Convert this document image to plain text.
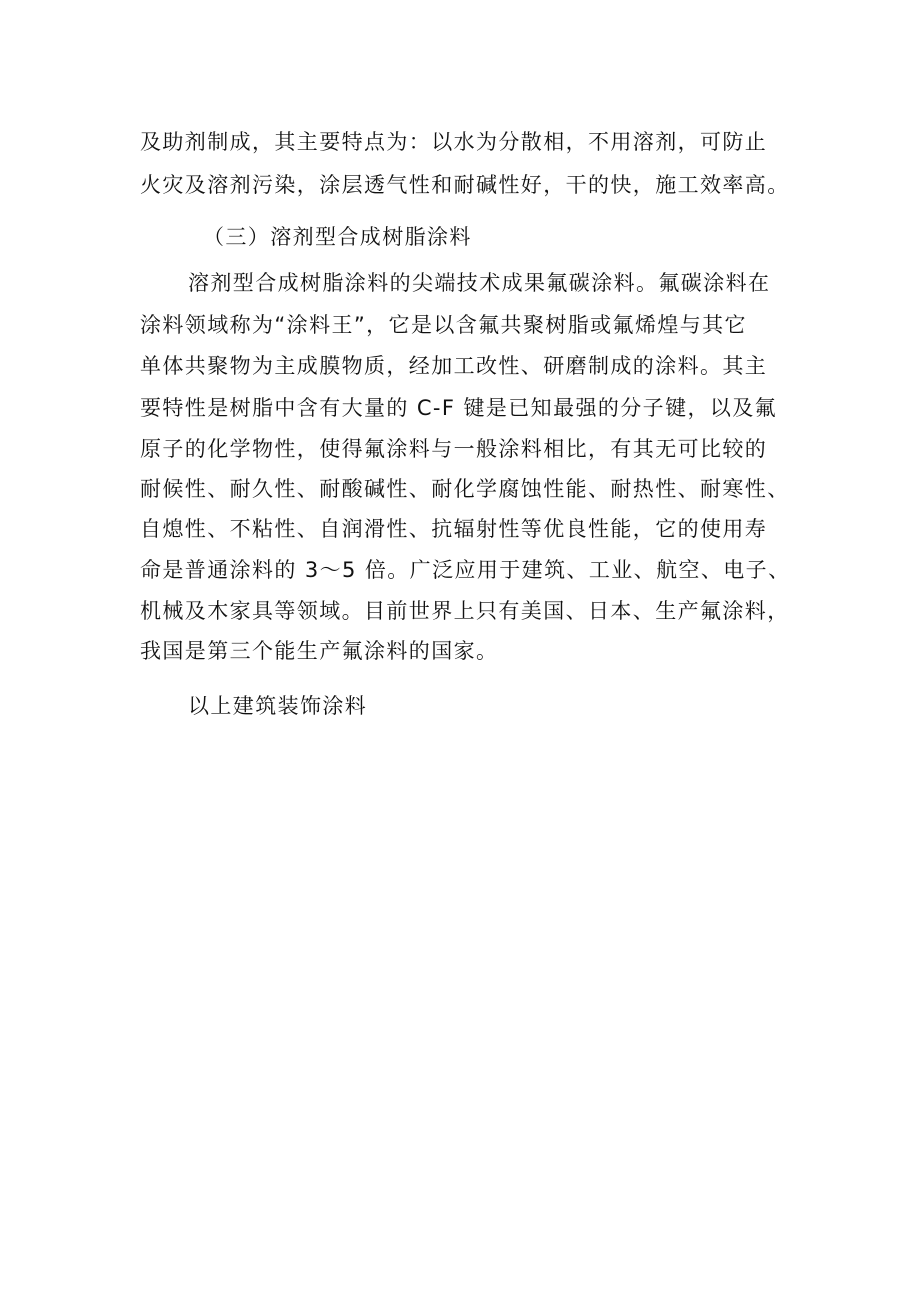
及助剂制成，其主要特点为：以水为分散相，不用溶剂，可防止
火灾及溶剂污染，涂层透气性和耐碱性好，干的快，施工效率高。
（三）溶剂型合成树脂涂料
溶剂型合成树脂涂料的尖端技术成果氟碳涂料。氟碳涂料在
涂料领域称为“涂料王”，它是以含氟共聚树脂或氟烯煌与其它
单体共聚物为主成膜物质，经加工改性、研磨制成的涂料。其主
要特性是树脂中含有大量的 C-F 键是已知最强的分子键，以及氟
原子的化学物性，使得氟涂料与一般涂料相比，有其无可比较的
耐候性、耐久性、耐酸碱性、耐化学腐蚀性能、耐热性、耐寒性、
自熄性、不粘性、自润滑性、抗辐射性等优良性能，它的使用寿
命是普通涂料的 3～5 倍。广泛应用于建筑、工业、航空、电子、
机械及木家具等领域。目前世界上只有美国、日本、生产氟涂料，
我国是第三个能生产氟涂料的国家。
以上建筑装饰涂料
